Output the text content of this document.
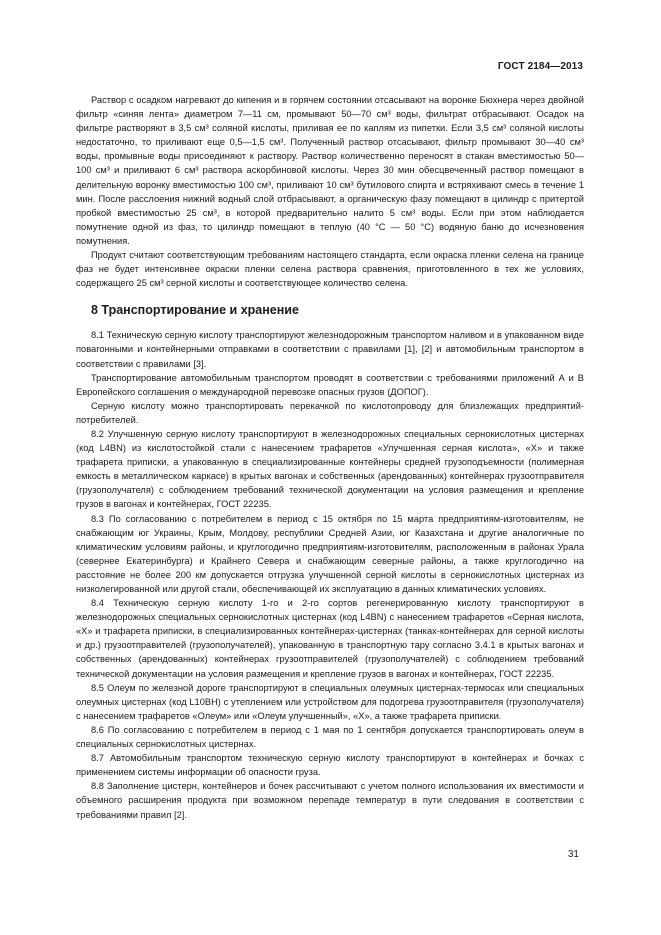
ГОСТ 2184—2013

Раствор с осадком нагревают до кипения и в горячем состоянии отсасывают на воронке Бюхнера через двойной фильтр «синяя лента» диаметром 7—11 см, промывают 50—70 см³ воды, фильтрат отбрасывают. Осадок на фильтре растворяют в 3,5 см³ соляной кислоты, приливая ее по каплям из пипетки. Если 3,5 см³ соляной кислоты недостаточно, то приливают еще 0,5—1,5 см³. Полученный раствор отсасывают, фильтр промывают 30—40 см³ воды, промывные воды присоединяют к раствору. Раствор количественно переносят в стакан вместимостью 50—100 см³ и приливают 6 см³ раствора аскорбиновой кислоты. Через 30 мин обесцвеченный раствор помещают в делительную воронку вместимостью 100 см³, приливают 10 см³ бутилового спирта и встряхивают смесь в течение 1 мин. После расслоения нижний водный слой отбрасывают, а органическую фазу помещают в цилиндр с притертой пробкой вместимостью 25 см³, в которой предварительно налито 5 см³ воды. Если при этом наблюдается помутнение одной из фаз, то цилиндр помещают в теплую (40 °С — 50 °С) водяную баню до исчезновения помутнения.

Продукт считают соответствующим требованиям настоящего стандарта, если окраска пленки селена на границе фаз не будет интенсивнее окраски пленки селена раствора сравнения, приготовленного в тех же условиях, содержащего 25 см³ серной кислоты и соответствующее количество селена.

8 Транспортирование и хранение

8.1 Техническую серную кислоту транспортируют железнодорожным транспортом наливом и в упакованном виде повагонными и контейнерными отправками в соответствии с правилами [1], [2] и автомобильным транспортом в соответствии с правилами [3].

Транспортирование автомобильным транспортом проводят в соответствии с требованиями приложений А и В Европейского соглашения о международной перевозке опасных грузов (ДОПОГ).

Серную кислоту можно транспортировать перекачкой по кислотопроводу для близлежащих предприятий-потребителей.

8.2 Улучшенную серную кислоту транспортируют в железнодорожных специальных сернокислотных цистернах (код L4BN) из кислотостойкой стали с нанесением трафаретов «Улучшенная серная кислота», «Х» и также трафарета приписки, а упакованную в специализированные контейнеры средней грузоподъемности (полимерная емкость в металлическом каркасе) в крытых вагонах и собственных (арендованных) контейнерах грузоотправителя (грузополучателя) с соблюдением требований технической документации на условия размещения и крепление грузов в вагонах и контейнерах, ГОСТ 22235.

8.3 По согласованию с потребителем в период с 15 октября по 15 марта предприятиям-изготовителям, не снабжающим юг Украины, Крым, Молдову, республики Средней Азии, юг Казахстана и другие аналогичные по климатическим условиям районы, и круглогодично предприятиям-изготовителям, расположенным в районах Урала (севернее Екатеринбурга) и Крайнего Севера и снабжающим северные районы, а также круглогодично на расстояние не более 200 км допускается отгрузка улучшенной серной кислоты в сернокислотных цистернах из низколегированной или другой стали, обеспечивающей их эксплуатацию в данных климатических условиях.

8.4 Техническую серную кислоту 1-го и 2-го сортов регенерированную кислоту транспортируют в железнодорожных специальных сернокислотных цистернах (код L4BN) с нанесением трафаретов «Серная кислота, «Х» и трафарета приписки, в специализированных контейнерах-цистернах (танках-контейнерах для серной кислоты и др.) грузоотправителей (грузополучателей), упакованную в транспортную тару согласно 3.4.1 в крытых вагонах и собственных (арендованных) контейнерах грузоотправителей (грузополучателей) с соблюдением требований технической документации на условия размещения и крепление грузов в вагонах и контейнерах, ГОСТ 22235.

8.5 Олеум по железной дороге транспортируют в специальных олеумных цистернах-термосах или специальных олеумных цистернах (код L10BH) с утеплением или устройством для подогрева грузоотправителя (грузополучателя) с нанесением трафаретов «Олеум» или «Олеум улучшенный», «Х», а также трафарета приписки.

8.6 По согласованию с потребителем в период с 1 мая по 1 сентября допускается транспортировать олеум в специальных сернокислотных цистернах.

8.7 Автомобильным транспортом техническую серную кислоту транспортируют в контейнерах и бочках с применением системы информации об опасности груза.

8.8 Заполнение цистерн, контейнеров и бочек рассчитывают с учетом полного использования их вместимости и объемного расширения продукта при возможном перепаде температур в пути следования в соответствии с требованиями правил [2].

31
